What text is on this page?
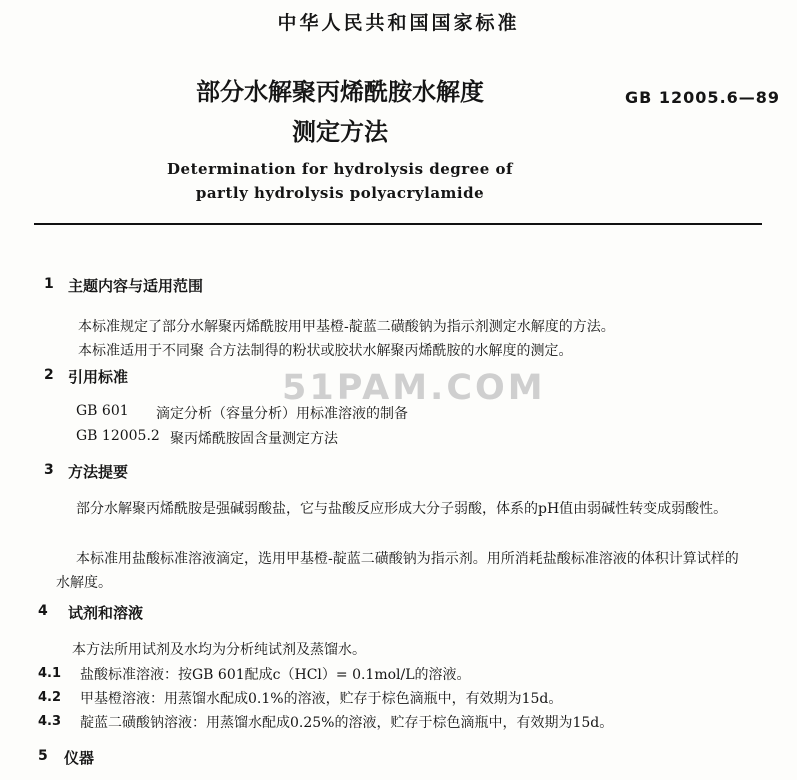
中华人民共和国国家标准
部分水解聚丙烯酰胺水解度
测定方法
GB 12005.6—89
Determination for hydrolysis degree of
partly hydrolysis polyacrylamide
51PAM.COM
1 主题内容与适用范围
本标准规定了部分水解聚丙烯酰胺用甲基橙-靛蓝二磺酸钠为指示剂测定水解度的方法。
本标准适用于不同聚 合方法制得的粉状或胶状水解聚丙烯酰胺的水解度的测定。
2 引用标准
GB 601 滴定分析（容量分析）用标准溶液的制备
GB 12005.2 聚丙烯酰胺固含量测定方法
3 方法提要
部分水解聚丙烯酰胺是强碱弱酸盐，它与盐酸反应形成大分子弱酸，体系的pH值由弱碱性转变成弱酸性。
本标准用盐酸标准溶液滴定，选用甲基橙-靛蓝二磺酸钠为指示剂。用所消耗盐酸标准溶液的体积计算试样的水解度。
4 试剂和溶液
本方法所用试剂及水均为分析纯试剂及蒸馏水。
4.1 盐酸标准溶液：按GB 601配成c（HCl）= 0.1mol/L的溶液。
4.2 甲基橙溶液：用蒸馏水配成0.1%的溶液，贮存于棕色滴瓶中，有效期为15d。
4.3 靛蓝二磺酸钠溶液：用蒸馏水配成0.25%的溶液，贮存于棕色滴瓶中，有效期为15d。
5 仪器
